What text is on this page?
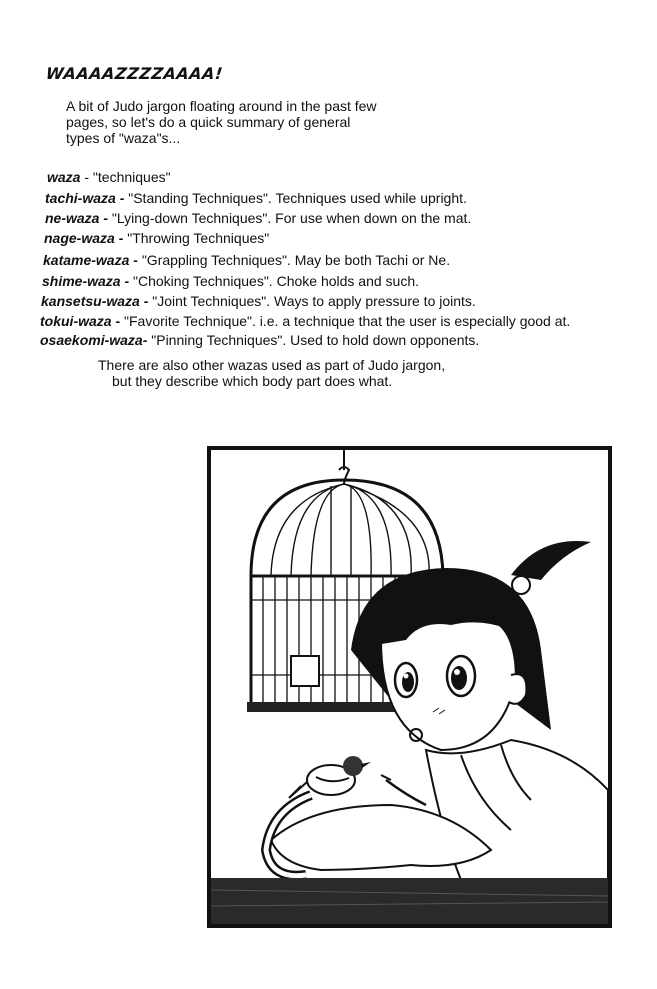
WAAAAZZZZAAAA!
A bit of Judo jargon floating around in the past few
pages, so let's do a quick summary of general
types of "waza"s...
waza - "techniques"
tachi-waza - "Standing Techniques". Techniques used while upright.
ne-waza - "Lying-down Techniques". For use when down on the mat.
nage-waza - "Throwing Techniques"
katame-waza - "Grappling Techniques". May be both Tachi or Ne.
shime-waza - "Choking Techniques". Choke holds and such.
kansetsu-waza - "Joint Techniques". Ways to apply pressure to joints.
tokui-waza - "Favorite Technique". i.e. a technique that the user is especially good at.
osaekomi-waza- "Pinning Techniques". Used to hold down opponents.
There are also other wazas used as part of Judo jargon,
but they describe which body part does what.
